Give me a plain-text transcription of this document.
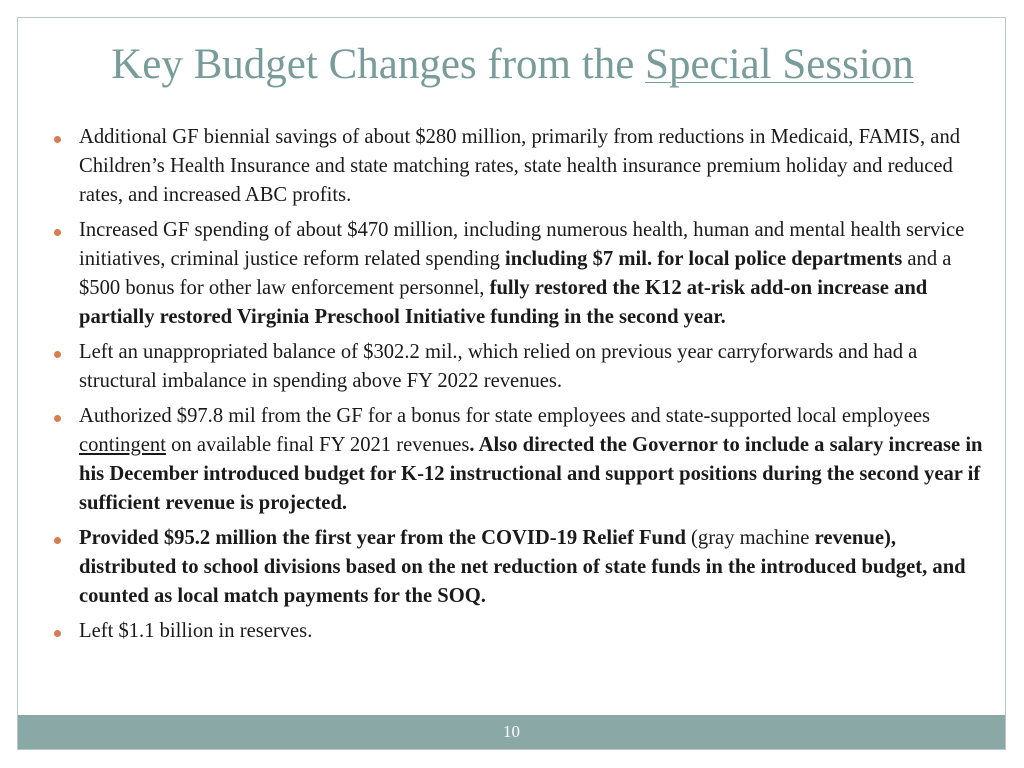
Key Budget Changes from the Special Session
Additional GF biennial savings of about $280 million, primarily from reductions in Medicaid, FAMIS, and Children’s Health Insurance and state matching rates, state health insurance premium holiday and reduced rates, and increased ABC profits.
Increased GF spending of about $470 million, including numerous health, human and mental health service initiatives, criminal justice reform related spending including $7 mil. for local police departments and a $500 bonus for other law enforcement personnel, fully restored the K12 at-risk add-on increase and partially restored Virginia Preschool Initiative funding in the second year.
Left an unappropriated balance of $302.2 mil., which relied on previous year carryforwards and had a structural imbalance in spending above FY 2022 revenues.
Authorized $97.8 mil from the GF for a bonus for state employees and state-supported local employees contingent on available final FY 2021 revenues. Also directed the Governor to include a salary increase in his December introduced budget for K-12 instructional and support positions during the second year if sufficient revenue is projected.
Provided $95.2 million the first year from the COVID-19 Relief Fund (gray machine revenue), distributed to school divisions based on the net reduction of state funds in the introduced budget, and counted as local match payments for the SOQ.
Left $1.1 billion in reserves.
10
